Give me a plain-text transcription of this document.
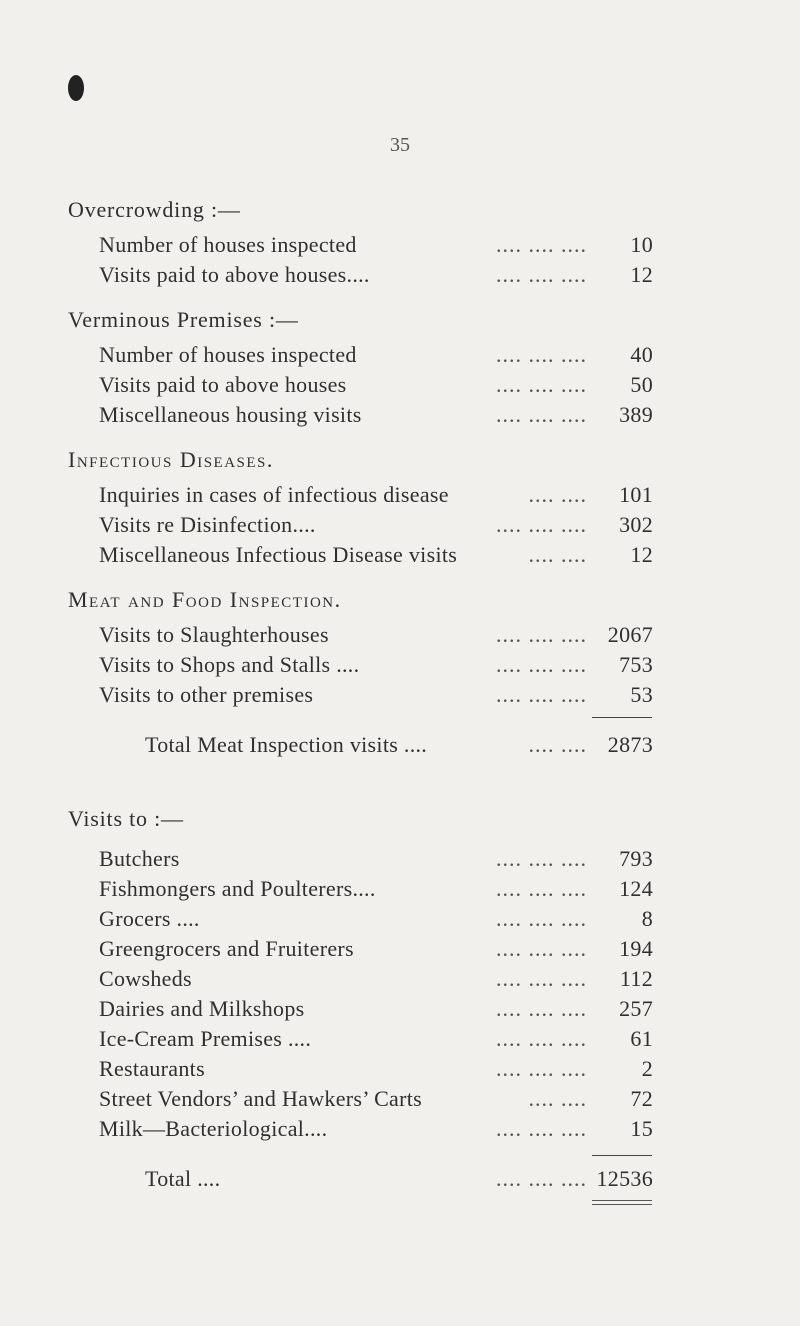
35
Overcrowding :—
Number of houses inspected	.... .... .... 10
Visits paid to above houses....	.... .... .... 12
Verminous Premises :—
Number of houses inspected	.... .... .... 40
Visits paid to above houses	.... .... .... 50
Miscellaneous housing visits	.... .... .... 389
Infectious Diseases.
Inquiries in cases of infectious disease	.... .... 101
Visits re Disinfection....	.... .... .... 302
Miscellaneous Infectious Disease visits	.... .... 12
Meat and Food Inspection.
Visits to Slaughterhouses	.... .... .... 2067
Visits to Shops and Stalls ....	.... .... .... 753
Visits to other premises	.... .... .... 53
Total Meat Inspection visits ....	.... .... 2873
Visits to :—
Butchers	.... .... .... 793
Fishmongers and Poulterers....	.... .... .... 124
Grocers ....	.... .... .... 8
Greengrocers and Fruiterers	.... .... .... 194
Cowsheds	.... .... .... 112
Dairies and Milkshops	.... .... .... 257
Ice-Cream Premises ....	.... .... .... 61
Restaurants	.... .... .... 2
Street Vendors’ and Hawkers’ Carts	.... .... 72
Milk—Bacteriological....	.... .... .... 15
Total ....	.... .... .... 12536
